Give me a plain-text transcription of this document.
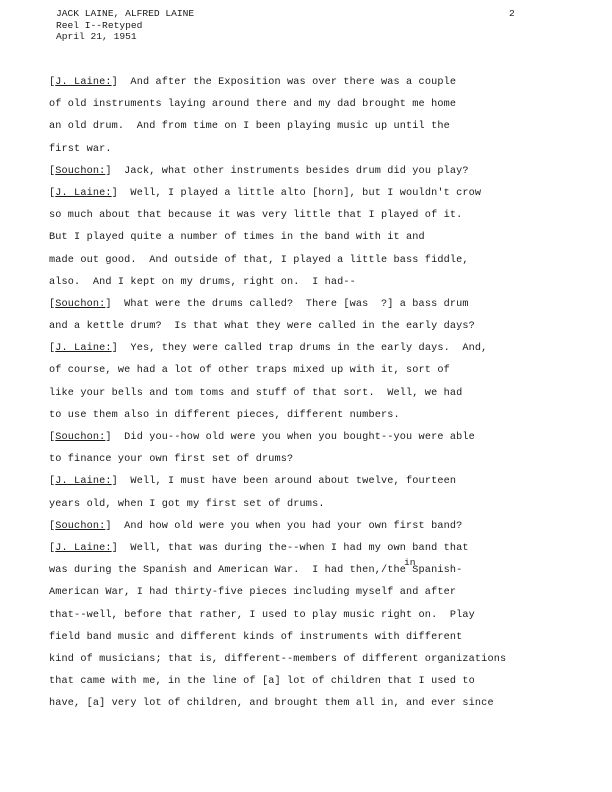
JACK LAINE, ALFRED LAINE
Reel I--Retyped
April 21, 1951
2
in
[J. Laine:]  And after the Exposition was over there was a couple
of old instruments laying around there and my dad brought me home
an old drum.  And from time on I been playing music up until the
first war.
[Souchon:]  Jack, what other instruments besides drum did you play?
[J. Laine:]  Well, I played a little alto [horn], but I wouldn't crow
so much about that because it was very little that I played of it.
But I played quite a number of times in the band with it and
made out good.  And outside of that, I played a little bass fiddle,
also.  And I kept on my drums, right on.  I had--
[Souchon:]  What were the drums called?  There [was  ?] a bass drum
and a kettle drum?  Is that what they were called in the early days?
[J. Laine:]  Yes, they were called trap drums in the early days.  And,
of course, we had a lot of other traps mixed up with it, sort of
like your bells and tom toms and stuff of that sort.  Well, we had
to use them also in different pieces, different numbers.
[Souchon:]  Did you--how old were you when you bought--you were able
to finance your own first set of drums?
[J. Laine:]  Well, I must have been around about twelve, fourteen
years old, when I got my first set of drums.
[Souchon:]  And how old were you when you had your own first band?
[J. Laine:]  Well, that was during the--when I had my own band that
was during the Spanish and American War.  I had then,/the Spanish-
American War, I had thirty-five pieces including myself and after
that--well, before that rather, I used to play music right on.  Play
field band music and different kinds of instruments with different
kind of musicians; that is, different--members of different organizations
that came with me, in the line of [a] lot of children that I used to
have, [a] very lot of children, and brought them all in, and ever since
